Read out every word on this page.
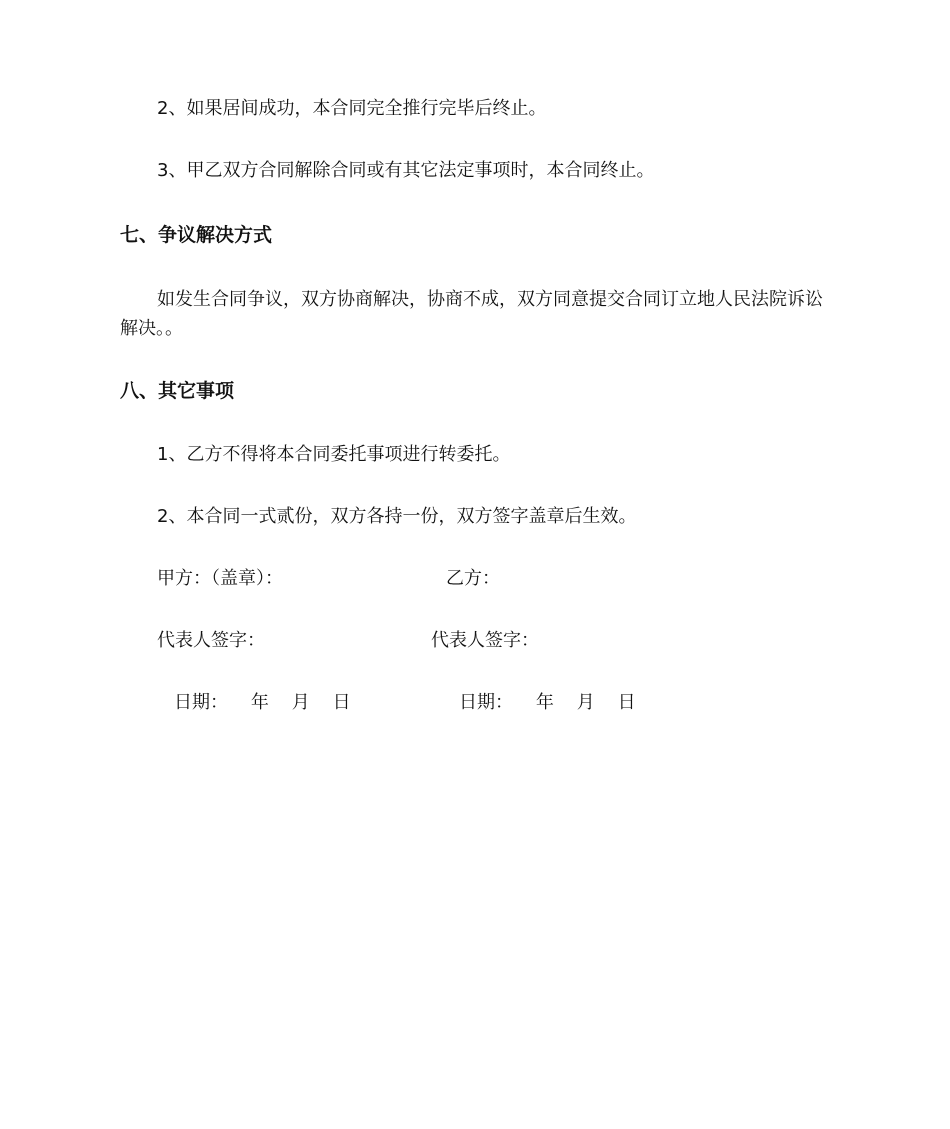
2、如果居间成功，本合同完全推行完毕后终止。

3、甲乙双方合同解除合同或有其它法定事项时，本合同终止。

七、争议解决方式

如发生合同争议，双方协商解决，协商不成，双方同意提交合同订立地人民法院诉讼解决。。

八、其它事项

1、乙方不得将本合同委托事项进行转委托。

2、本合同一式贰份，双方各持一份，双方签字盖章后生效。

甲方：（盖章）：	乙方：

代表人签字：	代表人签字：

日期：    年    月    日	日期：    年    月    日
